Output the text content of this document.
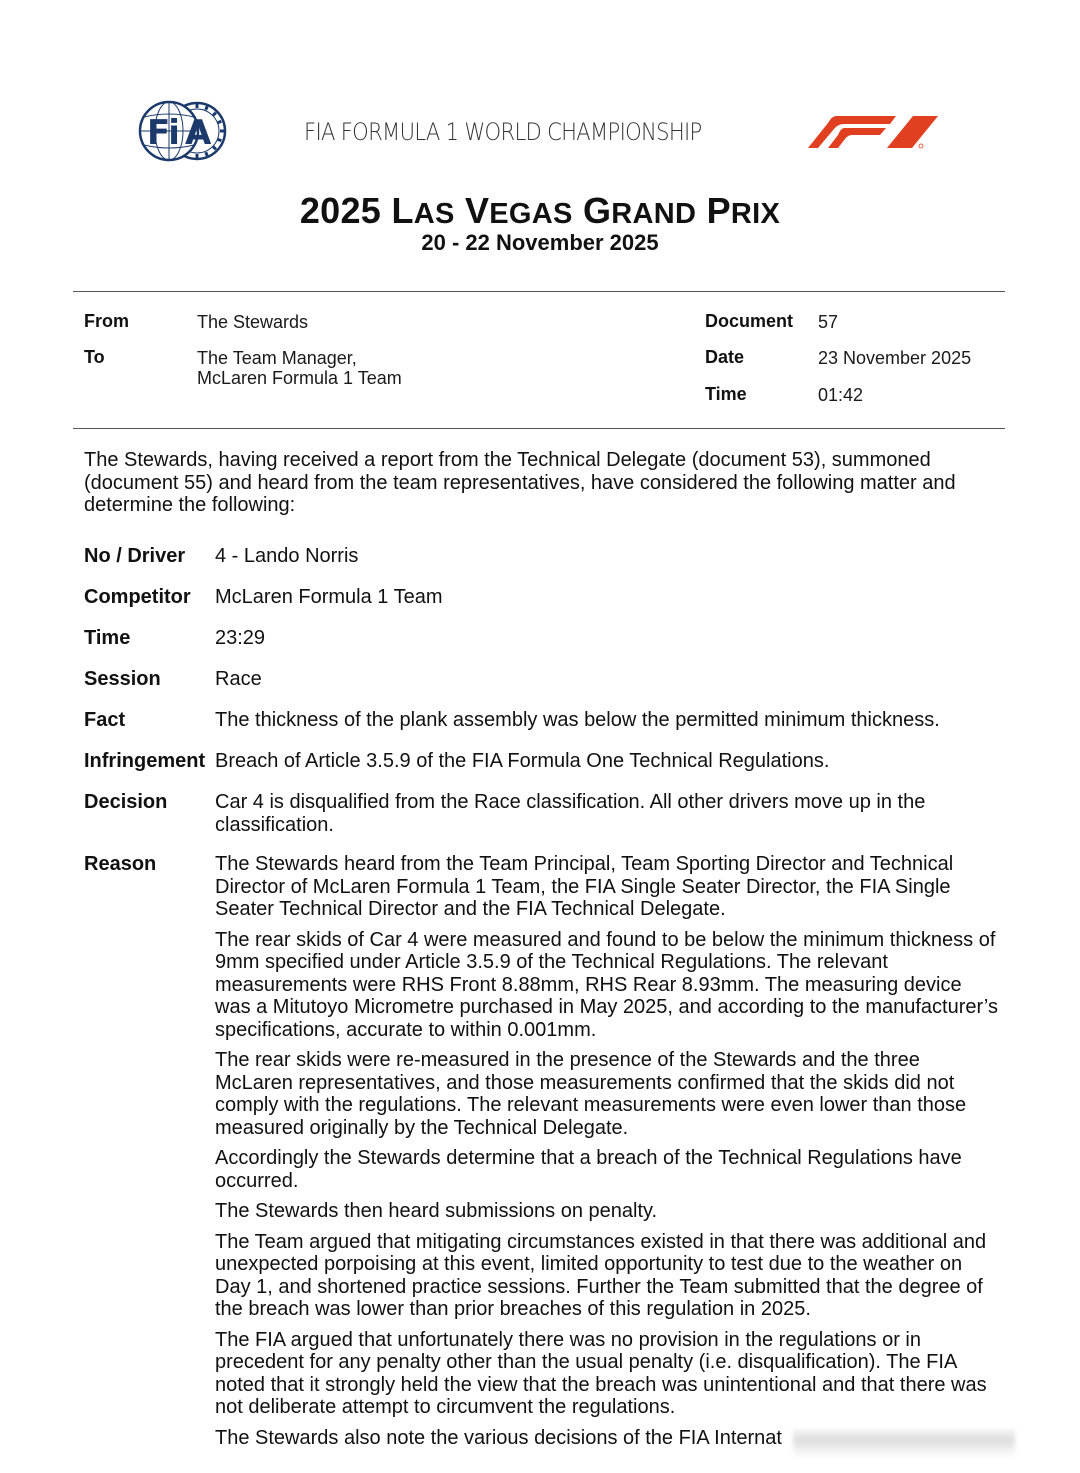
Fi A	FIA FORMULA 1 WORLD CHAMPIONSHIP
2025 LAS VEGAS GRAND PRIX
20 - 22 November 2025
From	The Stewards
To	The Team Manager,
McLaren Formula 1 Team
Document 57
Date	23 November 2025
Time	01:42
The Stewards, having received a report from the Technical Delegate (document 53), summoned (document 55) and heard from the team representatives, have considered the following matter and determine the following:
No / Driver 4 - Lando Norris
Competitor McLaren Formula 1 Team
Time	23:29
Session	Race
Fact	The thickness of the plank assembly was below the permitted minimum thickness.
Infringement Breach of Article 3.5.9 of the FIA Formula One Technical Regulations.
Decision Car 4 is disqualified from the Race classification. All other drivers move up in the classification.
Reason	The Stewards heard from the Team Principal, Team Sporting Director and Technical Director of McLaren Formula 1 Team, the FIA Single Seater Director, the FIA Single Seater Technical Director and the FIA Technical Delegate.

The rear skids of Car 4 were measured and found to be below the minimum thickness of 9mm specified under Article 3.5.9 of the Technical Regulations. The relevant measurements were RHS Front 8.88mm, RHS Rear 8.93mm. The measuring device was a Mitutoyo Micrometre purchased in May 2025, and according to the manufacturer’s specifications, accurate to within 0.001mm.

The rear skids were re-measured in the presence of the Stewards and the three McLaren representatives, and those measurements confirmed that the skids did not comply with the regulations. The relevant measurements were even lower than those measured originally by the Technical Delegate.

Accordingly the Stewards determine that a breach of the Technical Regulations have occurred.

The Stewards then heard submissions on penalty.

The Team argued that mitigating circumstances existed in that there was additional and unexpected porpoising at this event, limited opportunity to test due to the weather on Day 1, and shortened practice sessions. Further the Team submitted that the degree of the breach was lower than prior breaches of this regulation in 2025.

The FIA argued that unfortunately there was no provision in the regulations or in precedent for any penalty other than the usual penalty (i.e. disqualification). The FIA noted that it strongly held the view that the breach was unintentional and that there was not deliberate attempt to circumvent the regulations.

The Stewards also note the various decisions of the FIA Internat
